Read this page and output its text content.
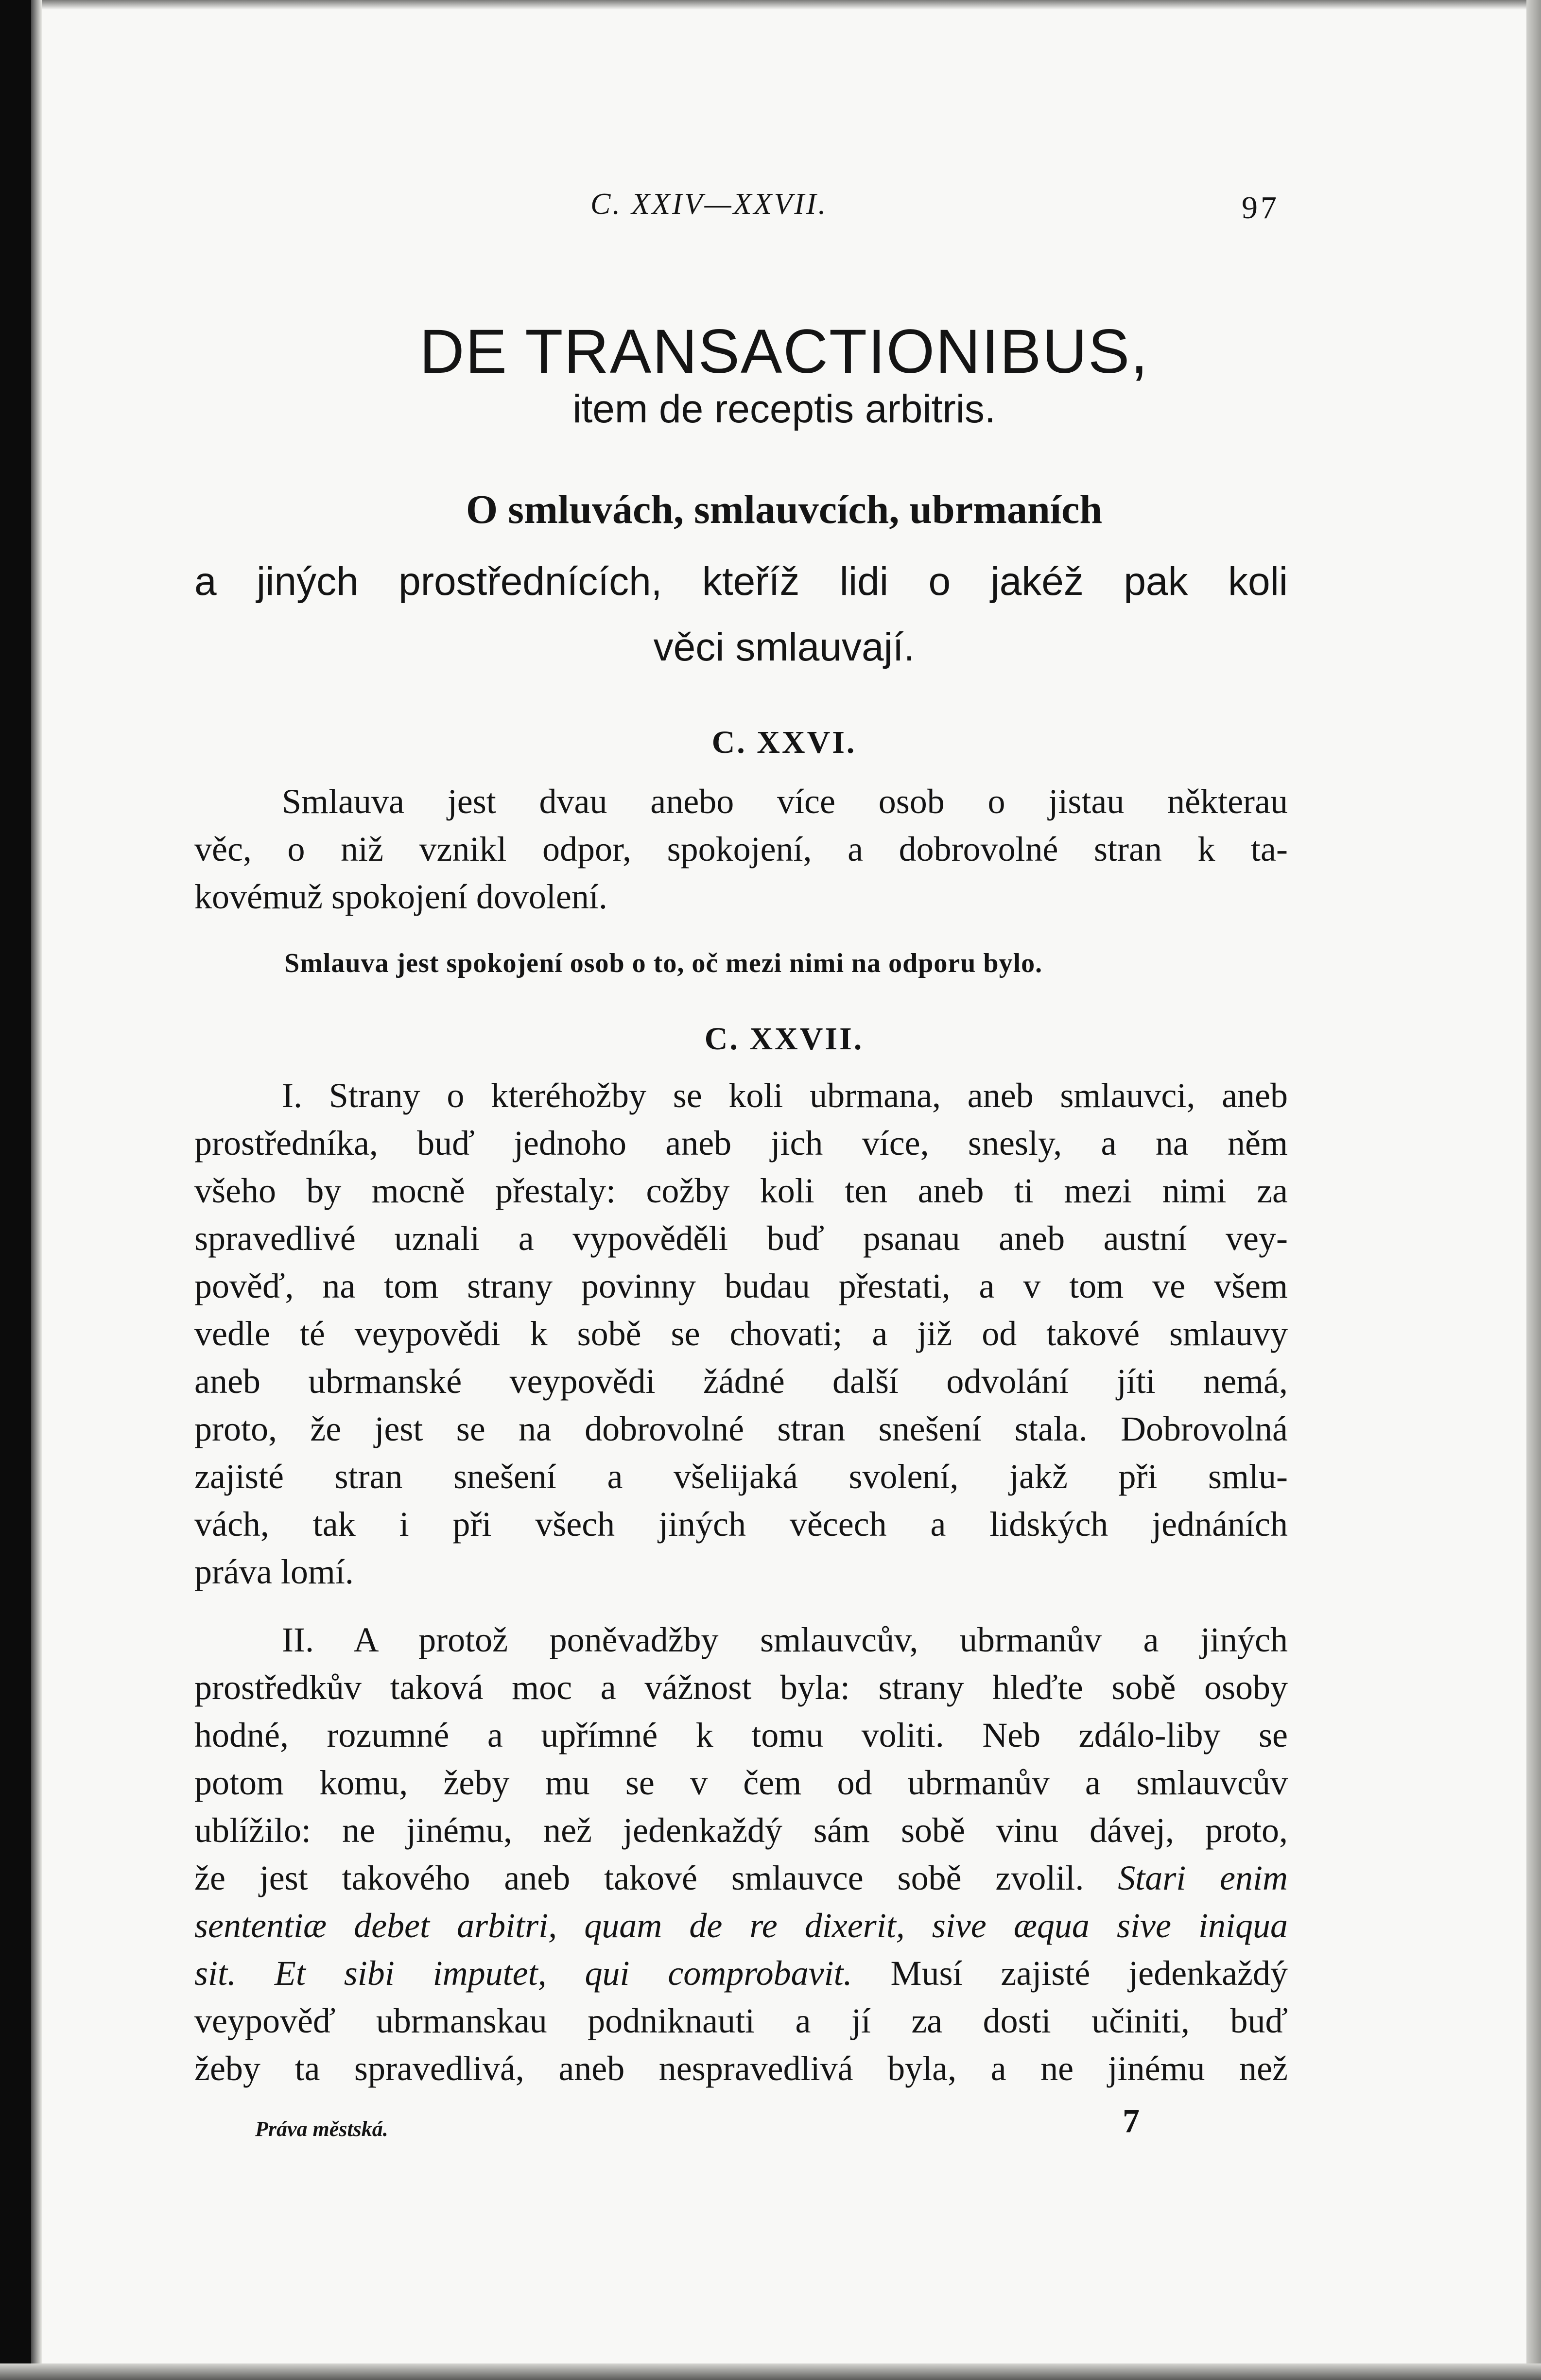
C. XXIV—XXVII.	97
DE TRANSACTIONIBUS,
item de receptis arbitris.
O smluvách, smlauvcích, ubrmaních
a jiných prostřednících, kteříž lidi o jakéž pak koli
věci smlauvají.
C. XXVI.
Smlauva jest dvau anebo více osob o jistau některau
věc, o niž vznikl odpor, spokojení, a dobrovolné stran k ta-
kovémuž spokojení dovolení.
Smlauva jest spokojení osob o to, oč mezi nimi na odporu bylo.
C. XXVII.
I. Strany o kteréhožby se koli ubrmana, aneb smlauvci, aneb
prostředníka, buď jednoho aneb jich více, snesly, a na něm
všeho by mocně přestaly: cožby koli ten aneb ti mezi nimi za
spravedlivé uznali a vypověděli buď psanau aneb austní vey-
pověď, na tom strany povinny budau přestati, a v tom ve všem
vedle té veypovědi k sobě se chovati; a již od takové smlauvy
aneb ubrmanské veypovědi žádné další odvolání jíti nemá,
proto, že jest se na dobrovolné stran snešení stala. Dobrovolná
zajisté stran snešení a všelijaká svolení, jakž při smlu-
vách, tak i při všech jiných věcech a lidských jednáních
práva lomí.
II. A protož poněvadžby smlauvcův, ubrmanův a jiných
prostředkův taková moc a vážnost byla: strany hleďte sobě osoby
hodné, rozumné a upřímné k tomu voliti. Neb zdálo-liby se
potom komu, žeby mu se v čem od ubrmanův a smlauvcův
ublížilo: ne jinému, než jedenkaždý sám sobě vinu dávej, proto,
že jest takového aneb takové smlauvce sobě zvolil. Stari enim
sententiæ debet arbitri, quam de re dixerit, sive æqua sive iniqua
sit. Et sibi imputet, qui comprobavit. Musí zajisté jedenkaždý
veypověď ubrmanskau podniknauti a jí za dosti učiniti, buď
žeby ta spravedlivá, aneb nespravedlivá byla, a ne jinému než
Práva městská.	7
